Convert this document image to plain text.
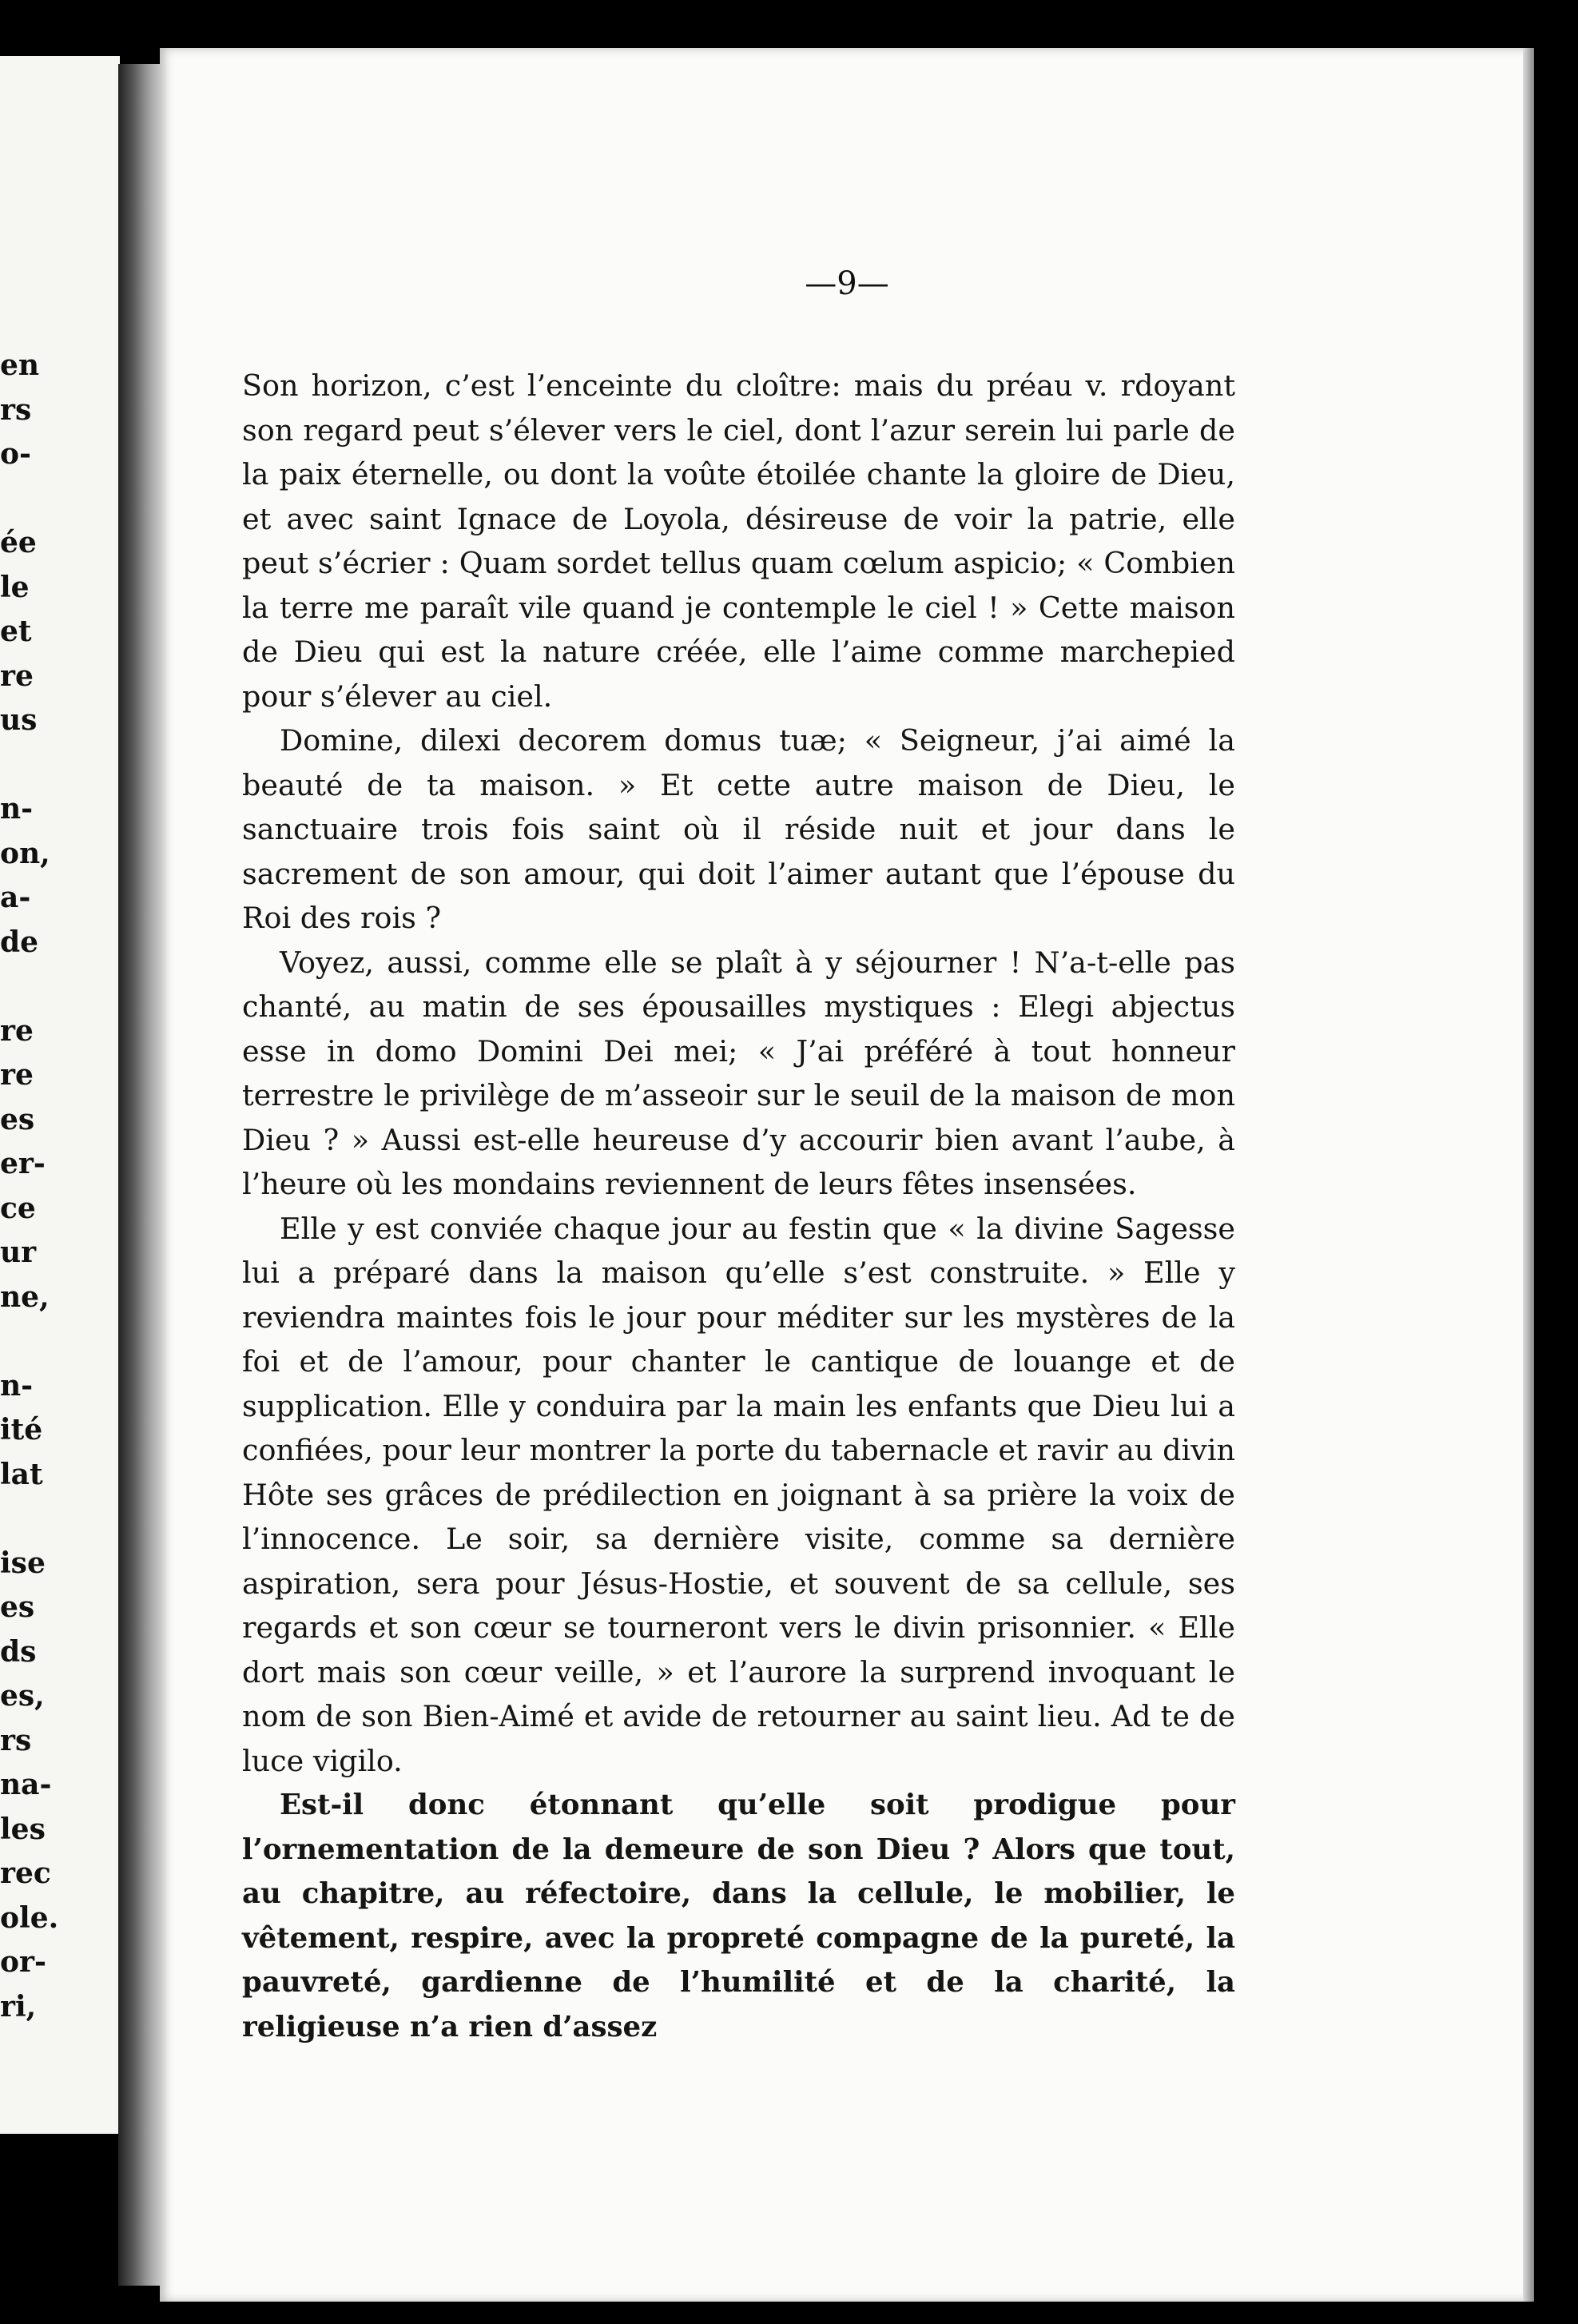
en
rs
o-
ée
le
et
re
us
n-
on,
a-
de
re
re
es
er-
ce
ur
ne,
n-
ité
lat
ise
es
ds
es,
rs
na-
les
rec
ole.
or-
ri,

—9—

Son horizon, c’est l’enceinte du cloître: mais du préau v. rdoyant son regard peut s’élever vers le ciel, dont l’azur serein lui parle de la paix éternelle, ou dont la voûte étoilée chante la gloire de Dieu, et avec saint Ignace de Loyola, désireuse de voir la patrie, elle peut s’écrier : Quam sordet tellus quam cœlum aspicio; « Combien la terre me paraît vile quand je contemple le ciel ! » Cette maison de Dieu qui est la nature créée, elle l’aime comme marchepied pour s’élever au ciel.

Domine, dilexi decorem domus tuæ; « Seigneur, j’ai aimé la beauté de ta maison. » Et cette autre maison de Dieu, le sanctuaire trois fois saint où il réside nuit et jour dans le sacrement de son amour, qui doit l’aimer autant que l’épouse du Roi des rois ?

Voyez, aussi, comme elle se plaît à y séjourner ! N’a-t-elle pas chanté, au matin de ses épousailles mystiques : Elegi abjectus esse in domo Domini Dei mei; « J’ai préféré à tout honneur terrestre le privilège de m’asseoir sur le seuil de la maison de mon Dieu ? » Aussi est-elle heureuse d’y accourir bien avant l’aube, à l’heure où les mondains reviennent de leurs fêtes insensées.

Elle y est conviée chaque jour au festin que « la divine Sagesse lui a préparé dans la maison qu’elle s’est construite. » Elle y reviendra maintes fois le jour pour méditer sur les mystères de la foi et de l’amour, pour chanter le cantique de louange et de supplication. Elle y conduira par la main les enfants que Dieu lui a confiées, pour leur montrer la porte du tabernacle et ravir au divin Hôte ses grâces de prédilection en joignant à sa prière la voix de l’innocence. Le soir, sa dernière visite, comme sa dernière aspiration, sera pour Jésus-Hostie, et souvent de sa cellule, ses regards et son cœur se tourneront vers le divin prisonnier. « Elle dort mais son cœur veille, » et l’aurore la surprend invoquant le nom de son Bien-Aimé et avide de retourner au saint lieu. Ad te de luce vigilo.

Est-il donc étonnant qu’elle soit prodigue pour l’ornementation de la demeure de son Dieu ? Alors que tout, au chapitre, au réfectoire, dans la cellule, le mobilier, le vêtement, respire, avec la propreté compagne de la pureté, la pauvreté, gardienne de l’humilité et de la charité, la religieuse n’a rien d’assez
